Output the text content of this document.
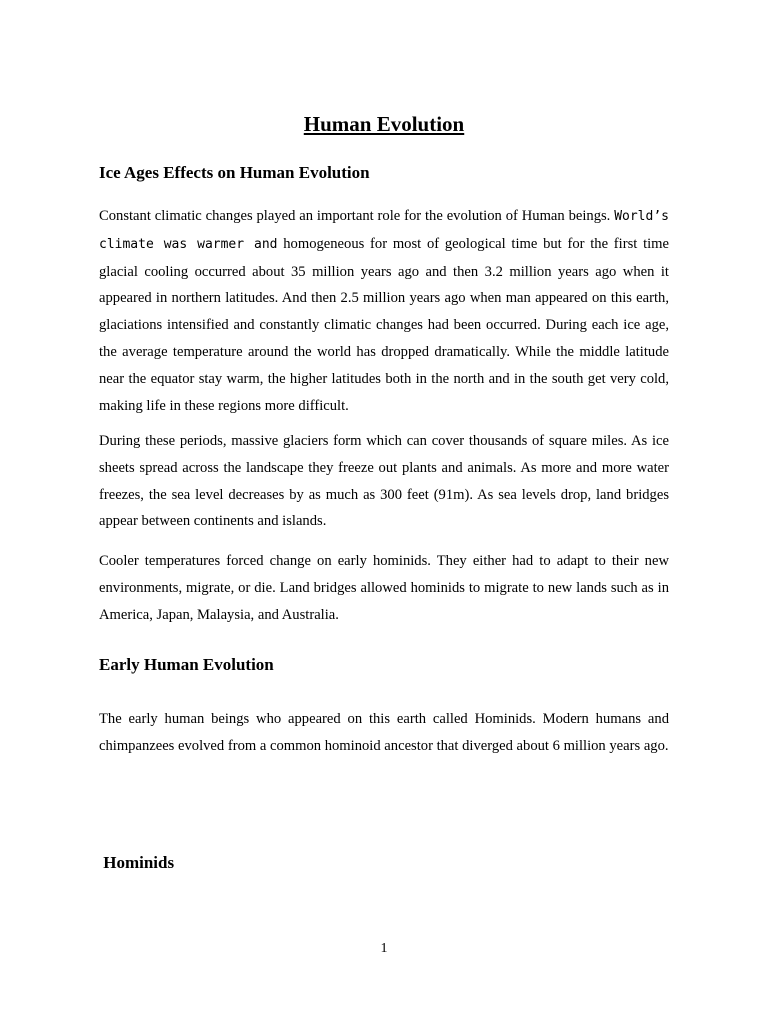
Human Evolution
Ice Ages Effects on Human Evolution

Constant climatic changes played an important role for the evolution of Human beings. World’s climate was warmer and homogeneous for most of geological time but for the first time glacial cooling occurred about 35 million years ago and then 3.2 million years ago when it appeared in northern latitudes. And then 2.5 million years ago when man appeared on this earth, glaciations intensified and constantly climatic changes had been occurred. During each ice age, the average temperature around the world has dropped dramatically. While the middle latitude near the equator stay warm, the higher latitudes both in the north and in the south get very cold, making life in these regions more difficult.

During these periods, massive glaciers form which can cover thousands of square miles. As ice sheets spread across the landscape they freeze out plants and animals. As more and more water freezes, the sea level decreases by as much as 300 feet (91m). As sea levels drop, land bridges appear between continents and islands.

Cooler temperatures forced change on early hominids. They either had to adapt to their new environments, migrate, or die. Land bridges allowed hominids to migrate to new lands such as in America, Japan, Malaysia, and Australia.

Early Human Evolution

The early human beings who appeared on this earth called Hominids. Modern humans and chimpanzees evolved from a common hominoid ancestor that diverged about 6 million years ago.

Hominids

1
